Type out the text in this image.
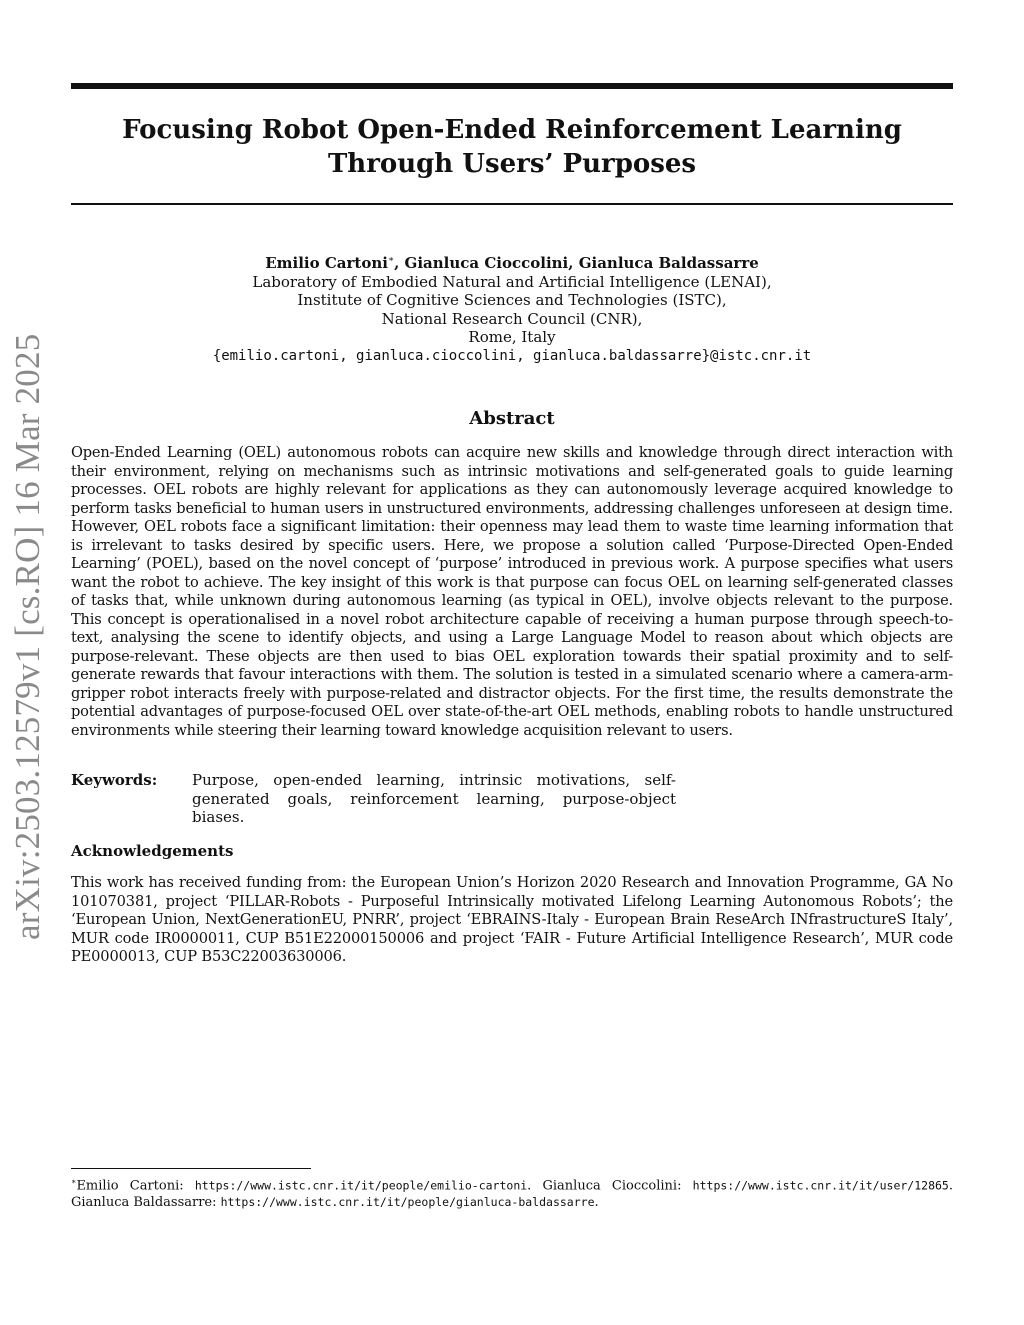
arXiv:2503.12579v1 [cs.RO] 16 Mar 2025
Focusing Robot Open-Ended Reinforcement Learning
Through Users’ Purposes
Emilio Cartoni∗, Gianluca Cioccolini, Gianluca Baldassarre
Laboratory of Embodied Natural and Artificial Intelligence (LENAI),
Institute of Cognitive Sciences and Technologies (ISTC),
National Research Council (CNR),
Rome, Italy
{emilio.cartoni, gianluca.cioccolini, gianluca.baldassarre}@istc.cnr.it
Abstract

Open-Ended Learning (OEL) autonomous robots can acquire new skills and knowledge through direct interaction with their environment, relying on mechanisms such as intrinsic motivations and self-generated goals to guide learning processes. OEL robots are highly relevant for applications as they can autonomously leverage acquired knowledge to perform tasks beneficial to human users in unstructured environments, addressing challenges unforeseen at design time. However, OEL robots face a significant limitation: their openness may lead them to waste time learning information that is irrelevant to tasks desired by specific users. Here, we propose a solution called ‘Purpose-Directed Open-Ended Learning’ (POEL), based on the novel concept of ‘purpose’ introduced in previous work. A purpose specifies what users want the robot to achieve. The key insight of this work is that purpose can focus OEL on learning self-generated classes of tasks that, while unknown during autonomous learning (as typical in OEL), involve objects relevant to the purpose. This concept is operationalised in a novel robot architecture capable of receiving a human purpose through speech-to-text, analysing the scene to identify objects, and using a Large Language Model to reason about which objects are purpose-relevant. These objects are then used to bias OEL exploration towards their spatial proximity and to self-generate rewards that favour interactions with them. The solution is tested in a simulated scenario where a camera-arm-gripper robot interacts freely with purpose-related and distractor objects. For the first time, the results demonstrate the potential advantages of purpose-focused OEL over state-of-the-art OEL methods, enabling robots to handle unstructured environments while steering their learning toward knowledge acquisition relevant to users.

Keywords: Purpose, open-ended learning, intrinsic motivations, self-generated goals, reinforcement learning, purpose-object biases.
Acknowledgements

This work has received funding from: the European Union’s Horizon 2020 Research and Innovation Programme, GA No 101070381, project ‘PILLAR-Robots - Purposeful Intrinsically motivated Lifelong Learning Autonomous Robots’; the ‘European Union, NextGenerationEU, PNRR’, project ‘EBRAINS-Italy - European Brain ReseArch INfrastructureS Italy’, MUR code IR0000011, CUP B51E22000150006 and project ‘FAIR - Future Artificial Intelligence Research’, MUR code PE0000013, CUP B53C22003630006.

∗Emilio Cartoni: https://www.istc.cnr.it/it/people/emilio-cartoni. Gianluca Cioccolini: https://www.istc.cnr.it/it/user/12865. Gianluca Baldassarre: https://www.istc.cnr.it/it/people/gianluca-baldassarre.
